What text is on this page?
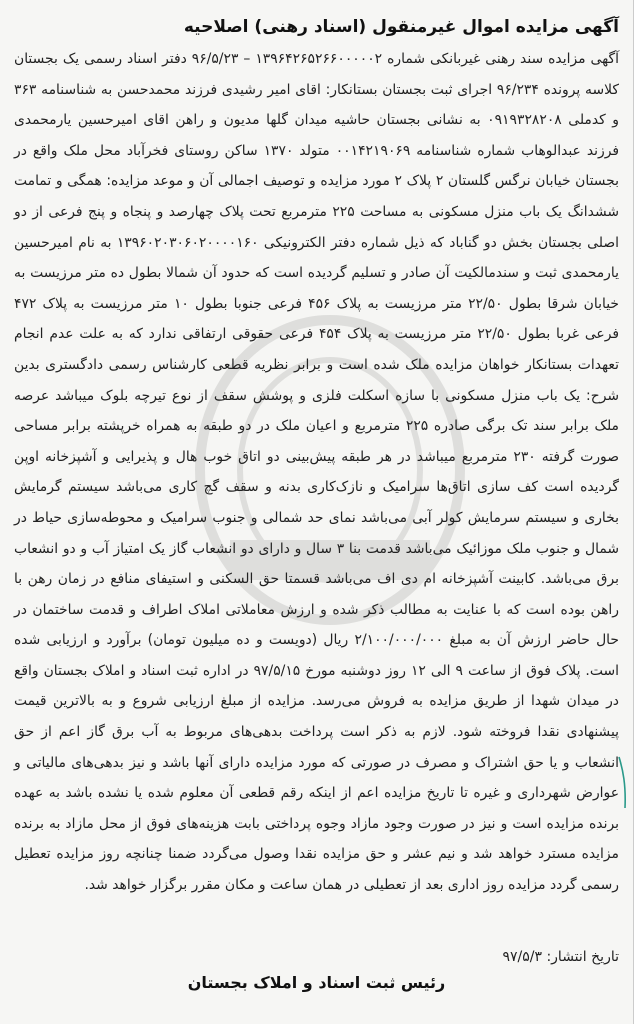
آگهی مزایده اموال غیرمنقول (اسناد رهنی) اصلاحیه
آگهی مزایده سند رهنی غیربانکی شماره ۱۳۹۶۴۲۶۵۲۶۶۰۰۰۰۰۲ – ۹۶/۵/۲۳ دفتر اسناد رسمی یک بجستان کلاسه پرونده ۹۶/۲۳۴ اجرای ثبت بجستان بستانکار: اقای امیر رشیدی فرزند محمدحسن به شناسنامه ۳۶۳ و کدملی ۰۹۱۹۳۲۸۲۰۸ به نشانی بجستان حاشیه میدان گلها مدیون و راهن اقای امیرحسین یارمحمدی فرزند عبدالوهاب شماره شناسنامه ۰۰۱۴۲۱۹۰۶۹ متولد ۱۳۷۰ ساکن روستای فخرآباد محل ملک واقع در بجستان خیابان نرگس گلستان ۲ پلاک ۲ مورد مزایده و توصیف اجمالی آن و موعد مزایده: همگی و تمامت ششدانگ یک باب منزل مسکونی به مساحت ۲۲۵ مترمربع تحت پلاک چهارصد و پنجاه و پنج فرعی از دو اصلی بجستان بخش دو گناباد که ذیل شماره دفتر الکترونیکی ۱۳۹۶۰۲۰۳۰۶۰۲۰۰۰۰۱۶۰ به نام امیرحسین یارمحمدی ثبت و سندمالکیت آن صادر و تسلیم گردیده است که حدود آن شمالا بطول ده متر مرزیست به خیابان شرقا بطول ۲۲/۵۰ متر مرزیست به پلاک ۴۵۶ فرعی جنوبا بطول ۱۰ متر مرزیست به پلاک ۴۷۲ فرعی غربا بطول ۲۲/۵۰ متر مرزیست به پلاک ۴۵۴ فرعی حقوقی ارتفاقی ندارد که به علت عدم انجام تعهدات بستانکار خواهان مزایده ملک شده است و برابر نظریه قطعی کارشناس رسمی دادگستری بدین شرح: یک باب منزل مسکونی با سازه اسکلت فلزی و پوشش سقف از نوع تیرچه بلوک میباشد عرصه ملک برابر سند تک برگی صادره ۲۲۵ مترمربع و اعیان ملک در دو طبقه به همراه خرپشته برابر مساحی صورت گرفته ۲۳۰ مترمربع میباشد در هر طبقه پیش‌بینی دو اتاق خوب هال و پذیرایی و آشپزخانه اوپن گردیده است کف سازی اتاق‌ها سرامیک و نازک‌کاری بدنه و سقف گچ کاری می‌باشد سیستم گرمایش بخاری و سیستم سرمایش کولر آبی می‌باشد نمای حد شمالی و جنوب سرامیک و محوطه‌سازی حیاط در شمال و جنوب ملک موزائیک می‌باشد قدمت بنا ۳ سال و دارای دو انشعاب گاز یک امتیاز آب و دو انشعاب برق می‌باشد. کابینت آشپزخانه ام دی اف می‌باشد قسمتا حق السکنی و استیفای منافع در زمان رهن با راهن بوده است که با عنایت به مطالب ذکر شده و ارزش معاملاتی املاک اطراف و قدمت ساختمان در حال حاضر ارزش آن به مبلغ ۲/۱۰۰/۰۰۰/۰۰۰ ریال (دویست و ده میلیون تومان) برآورد و ارزیابی شده است. پلاک فوق از ساعت ۹ الی ۱۲ روز دوشنبه مورخ ۹۷/۵/۱۵ در اداره ثبت اسناد و املاک بجستان واقع در میدان شهدا از طریق مزایده به فروش می‌رسد. مزایده از مبلغ ارزیابی شروع و به بالاترین قیمت پیشنهادی نقدا فروخته شود. لازم به ذکر است پرداخت بدهی‌های مربوط به آب برق گاز اعم از حق انشعاب و یا حق اشتراک و مصرف در صورتی که مورد مزایده دارای آنها باشد و نیز بدهی‌های مالیاتی و عوارض شهرداری و غیره تا تاریخ مزایده اعم از اینکه رقم قطعی آن معلوم شده یا نشده باشد به عهده برنده مزایده است و نیز در صورت وجود مازاد وجوه پرداختی بابت هزینه‌های فوق از محل مازاد به برنده مزایده مسترد خواهد شد و نیم عشر و حق مزایده نقدا وصول می‌گردد ضمنا چنانچه روز مزایده تعطیل رسمی گردد مزایده روز اداری بعد از تعطیلی در همان ساعت و مکان مقرر برگزار خواهد شد.
تاریخ انتشار: ۹۷/۵/۳
رئیس ثبت اسناد و املاک بجستان
